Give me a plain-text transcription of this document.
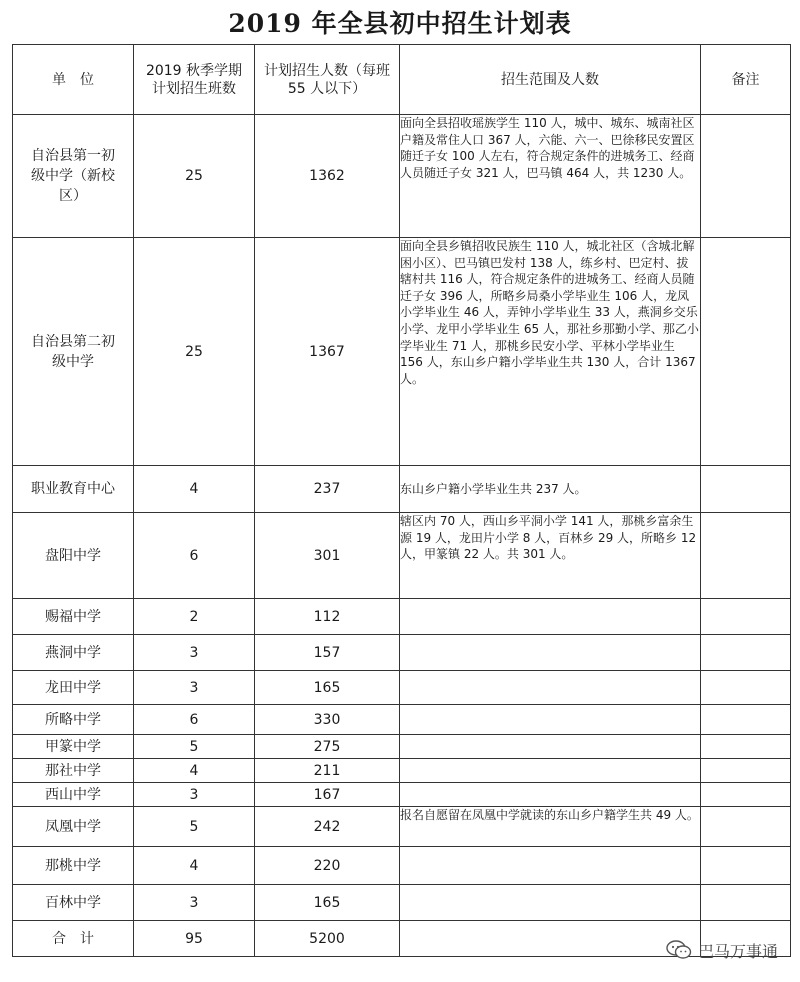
2019 年全县初中招生计划表
单　位	2019 秋季学期计划招生班数	计划招生人数（每班 55 人以下）	招生范围及人数	备注
自治县第一初级中学（新校区）	25	1362	面向全县招收瑶族学生 110 人，城中、城东、城南社区户籍及常住人口 367 人，六能、六一、巴徐移民安置区随迁子女 100 人左右，符合规定条件的进城务工、经商人员随迁子女 321 人，巴马镇 464 人，共 1230 人。	
自治县第二初级中学	25	1367	面向全县乡镇招收民族生 110 人，城北社区（含城北解困小区）、巴马镇巴发村 138 人，练乡村、巴定村、拔辖村共 116 人，符合规定条件的进城务工、经商人员随迁子女 396 人，所略乡局桑小学毕业生 106 人，龙凤小学毕业生 46 人，弄钟小学毕业生 33 人，燕洞乡交乐小学、龙甲小学毕业生 65 人，那社乡那勤小学、那乙小学毕业生 71 人，那桃乡民安小学、平林小学毕业生 156 人，东山乡户籍小学毕业生共 130 人，合计 1367 人。	
职业教育中心	4	237	东山乡户籍小学毕业生共 237 人。	
盘阳中学	6	301	辖区内 70 人，西山乡平洞小学 141 人，那桃乡富余生源 19 人，龙田片小学 8 人，百林乡 29 人，所略乡 12 人，甲篆镇 22 人。共 301 人。	
赐福中学	2	112		
燕洞中学	3	157		
龙田中学	3	165		
所略中学	6	330		
甲篆中学	5	275		
那社中学	4	211		
西山中学	3	167		
凤凰中学	5	242	报名自愿留在凤凰中学就读的东山乡户籍学生共 49 人。	
那桃中学	4	220		
百林中学	3	165		
合　计	95	5200		
巴马万事通
